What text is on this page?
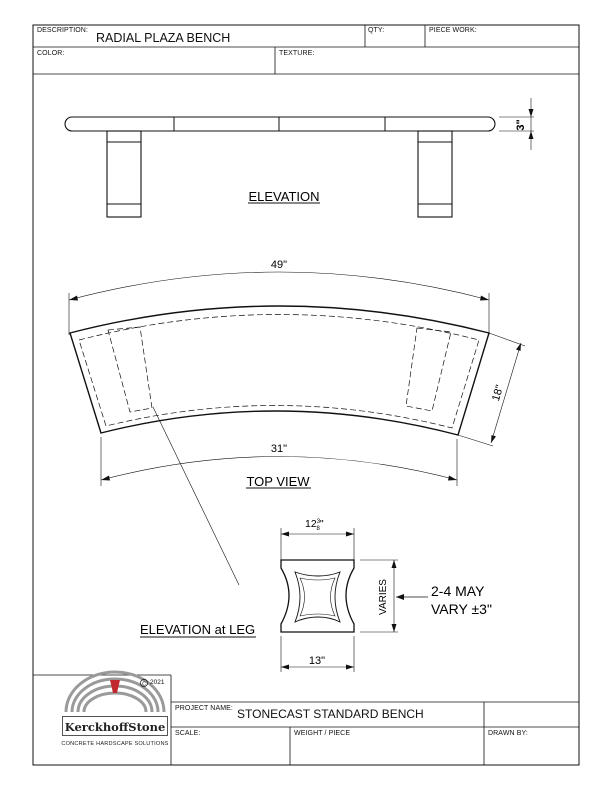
3"
ELEVATION
49"
18"
31"
TOP VIEW
$12^3$ 8"
VARIES	2-4 MAY
VARY ±3"
13"
ELEVATION at LEG
C
DESCRIPTION:
RADIAL PLAZA BENCH
QTY:	PIECE WORK:
COLOR:	TEXTURE:
2021
KerckhoffStone
CONCRETE HARDSCAPE SOLUTIONS
PROJECT NAME: STONECAST STANDARD BENCH
SCALE:	WEIGHT / PIECE	DRAWN BY:
